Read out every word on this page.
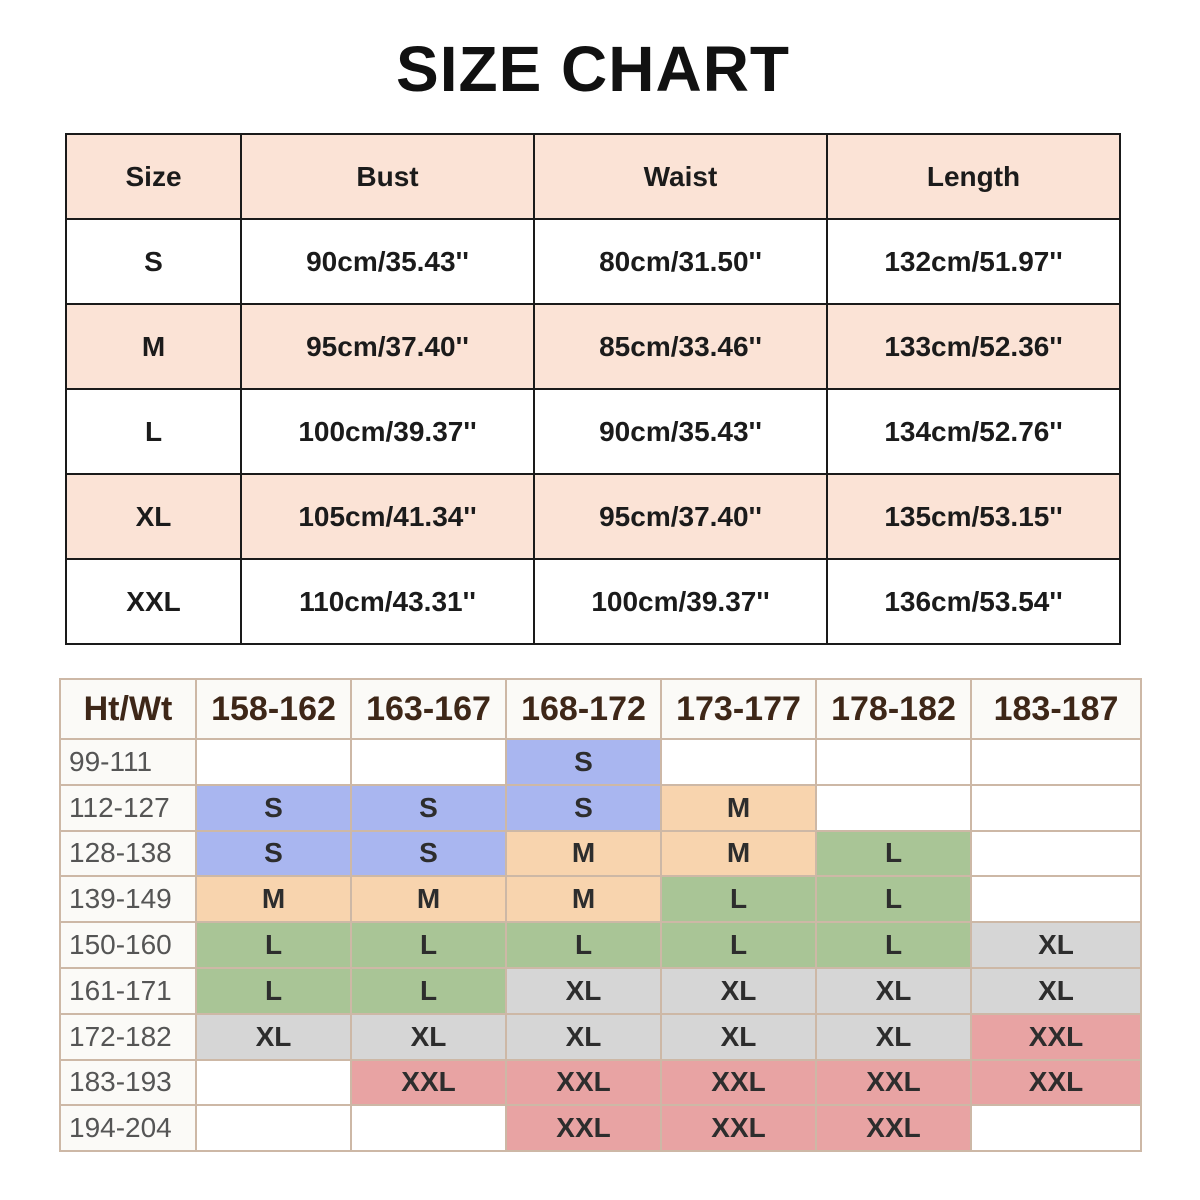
SIZE CHART
Size	Bust	Waist	Length
S	90cm/35.43''	80cm/31.50''	132cm/51.97''
M	95cm/37.40''	85cm/33.46''	133cm/52.36''
L	100cm/39.37''	90cm/35.43''	134cm/52.76''
XL	105cm/41.34''	95cm/37.40''	135cm/53.15''
XXL	110cm/43.31''	100cm/39.37''	136cm/53.54''
Ht/Wt	158-162	163-167	168-172	173-177	178-182	183-187
99-111			S			
112-127	S	S	S	M		
128-138	S	S	M	M	L	
139-149	M	M	M	L	L	
150-160	L	L	L	L	L	XL
161-171	L	L	XL	XL	XL	XL
172-182	XL	XL	XL	XL	XL	XXL
183-193		XXL	XXL	XXL	XXL	XXL
194-204			XXL	XXL	XXL	
